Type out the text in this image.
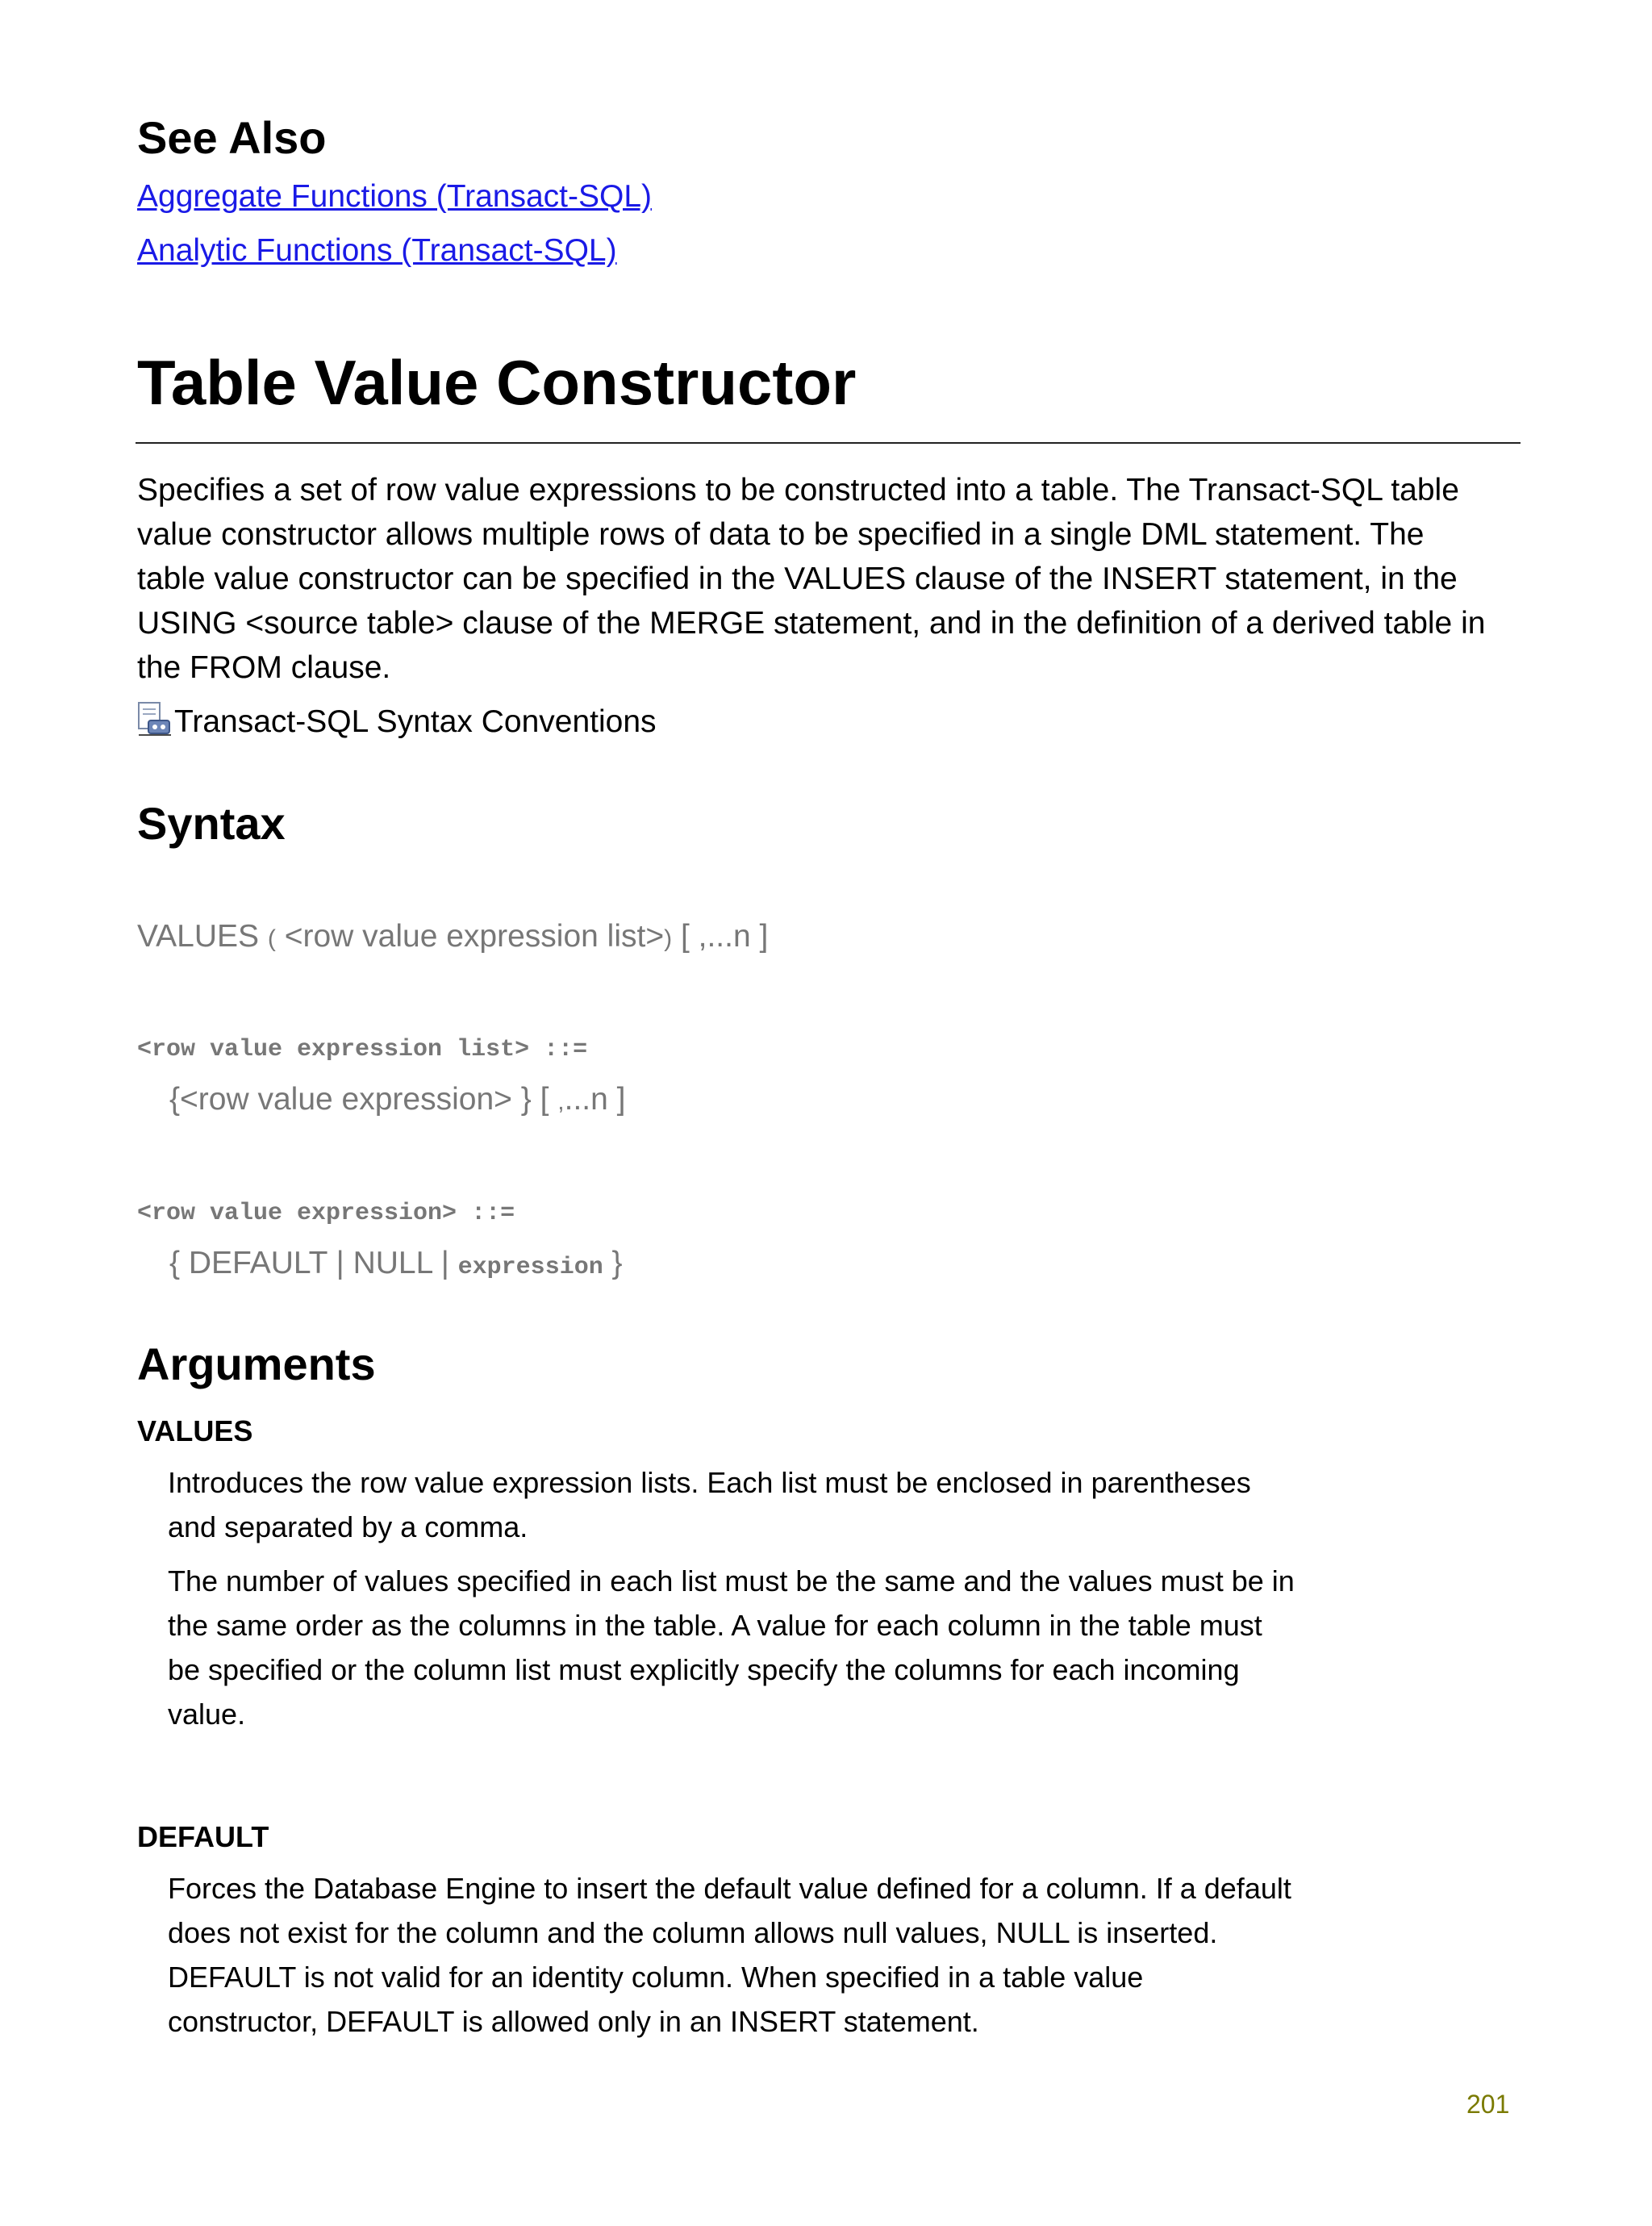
See Also
Aggregate Functions (Transact-SQL)
Analytic Functions (Transact-SQL)
Table Value Constructor
Specifies a set of row value expressions to be constructed into a table. The Transact-SQL table
value constructor allows multiple rows of data to be specified in a single DML statement. The
table value constructor can be specified in the VALUES clause of the INSERT statement, in the
USING <source table> clause of the MERGE statement, and in the definition of a derived table in
the FROM clause.
Transact-SQL Syntax Conventions
Syntax
VALUES ( <row value expression list>) [ ,...n ]
<row value expression list> ::=
{<row value expression> } [ ,...n ]
<row value expression> ::=
{ DEFAULT | NULL | expression }
Arguments
VALUES
Introduces the row value expression lists. Each list must be enclosed in parentheses
and separated by a comma.
The number of values specified in each list must be the same and the values must be in
the same order as the columns in the table. A value for each column in the table must
be specified or the column list must explicitly specify the columns for each incoming
value.
DEFAULT
Forces the Database Engine to insert the default value defined for a column. If a default
does not exist for the column and the column allows null values, NULL is inserted.
DEFAULT is not valid for an identity column. When specified in a table value
constructor, DEFAULT is allowed only in an INSERT statement.
201
